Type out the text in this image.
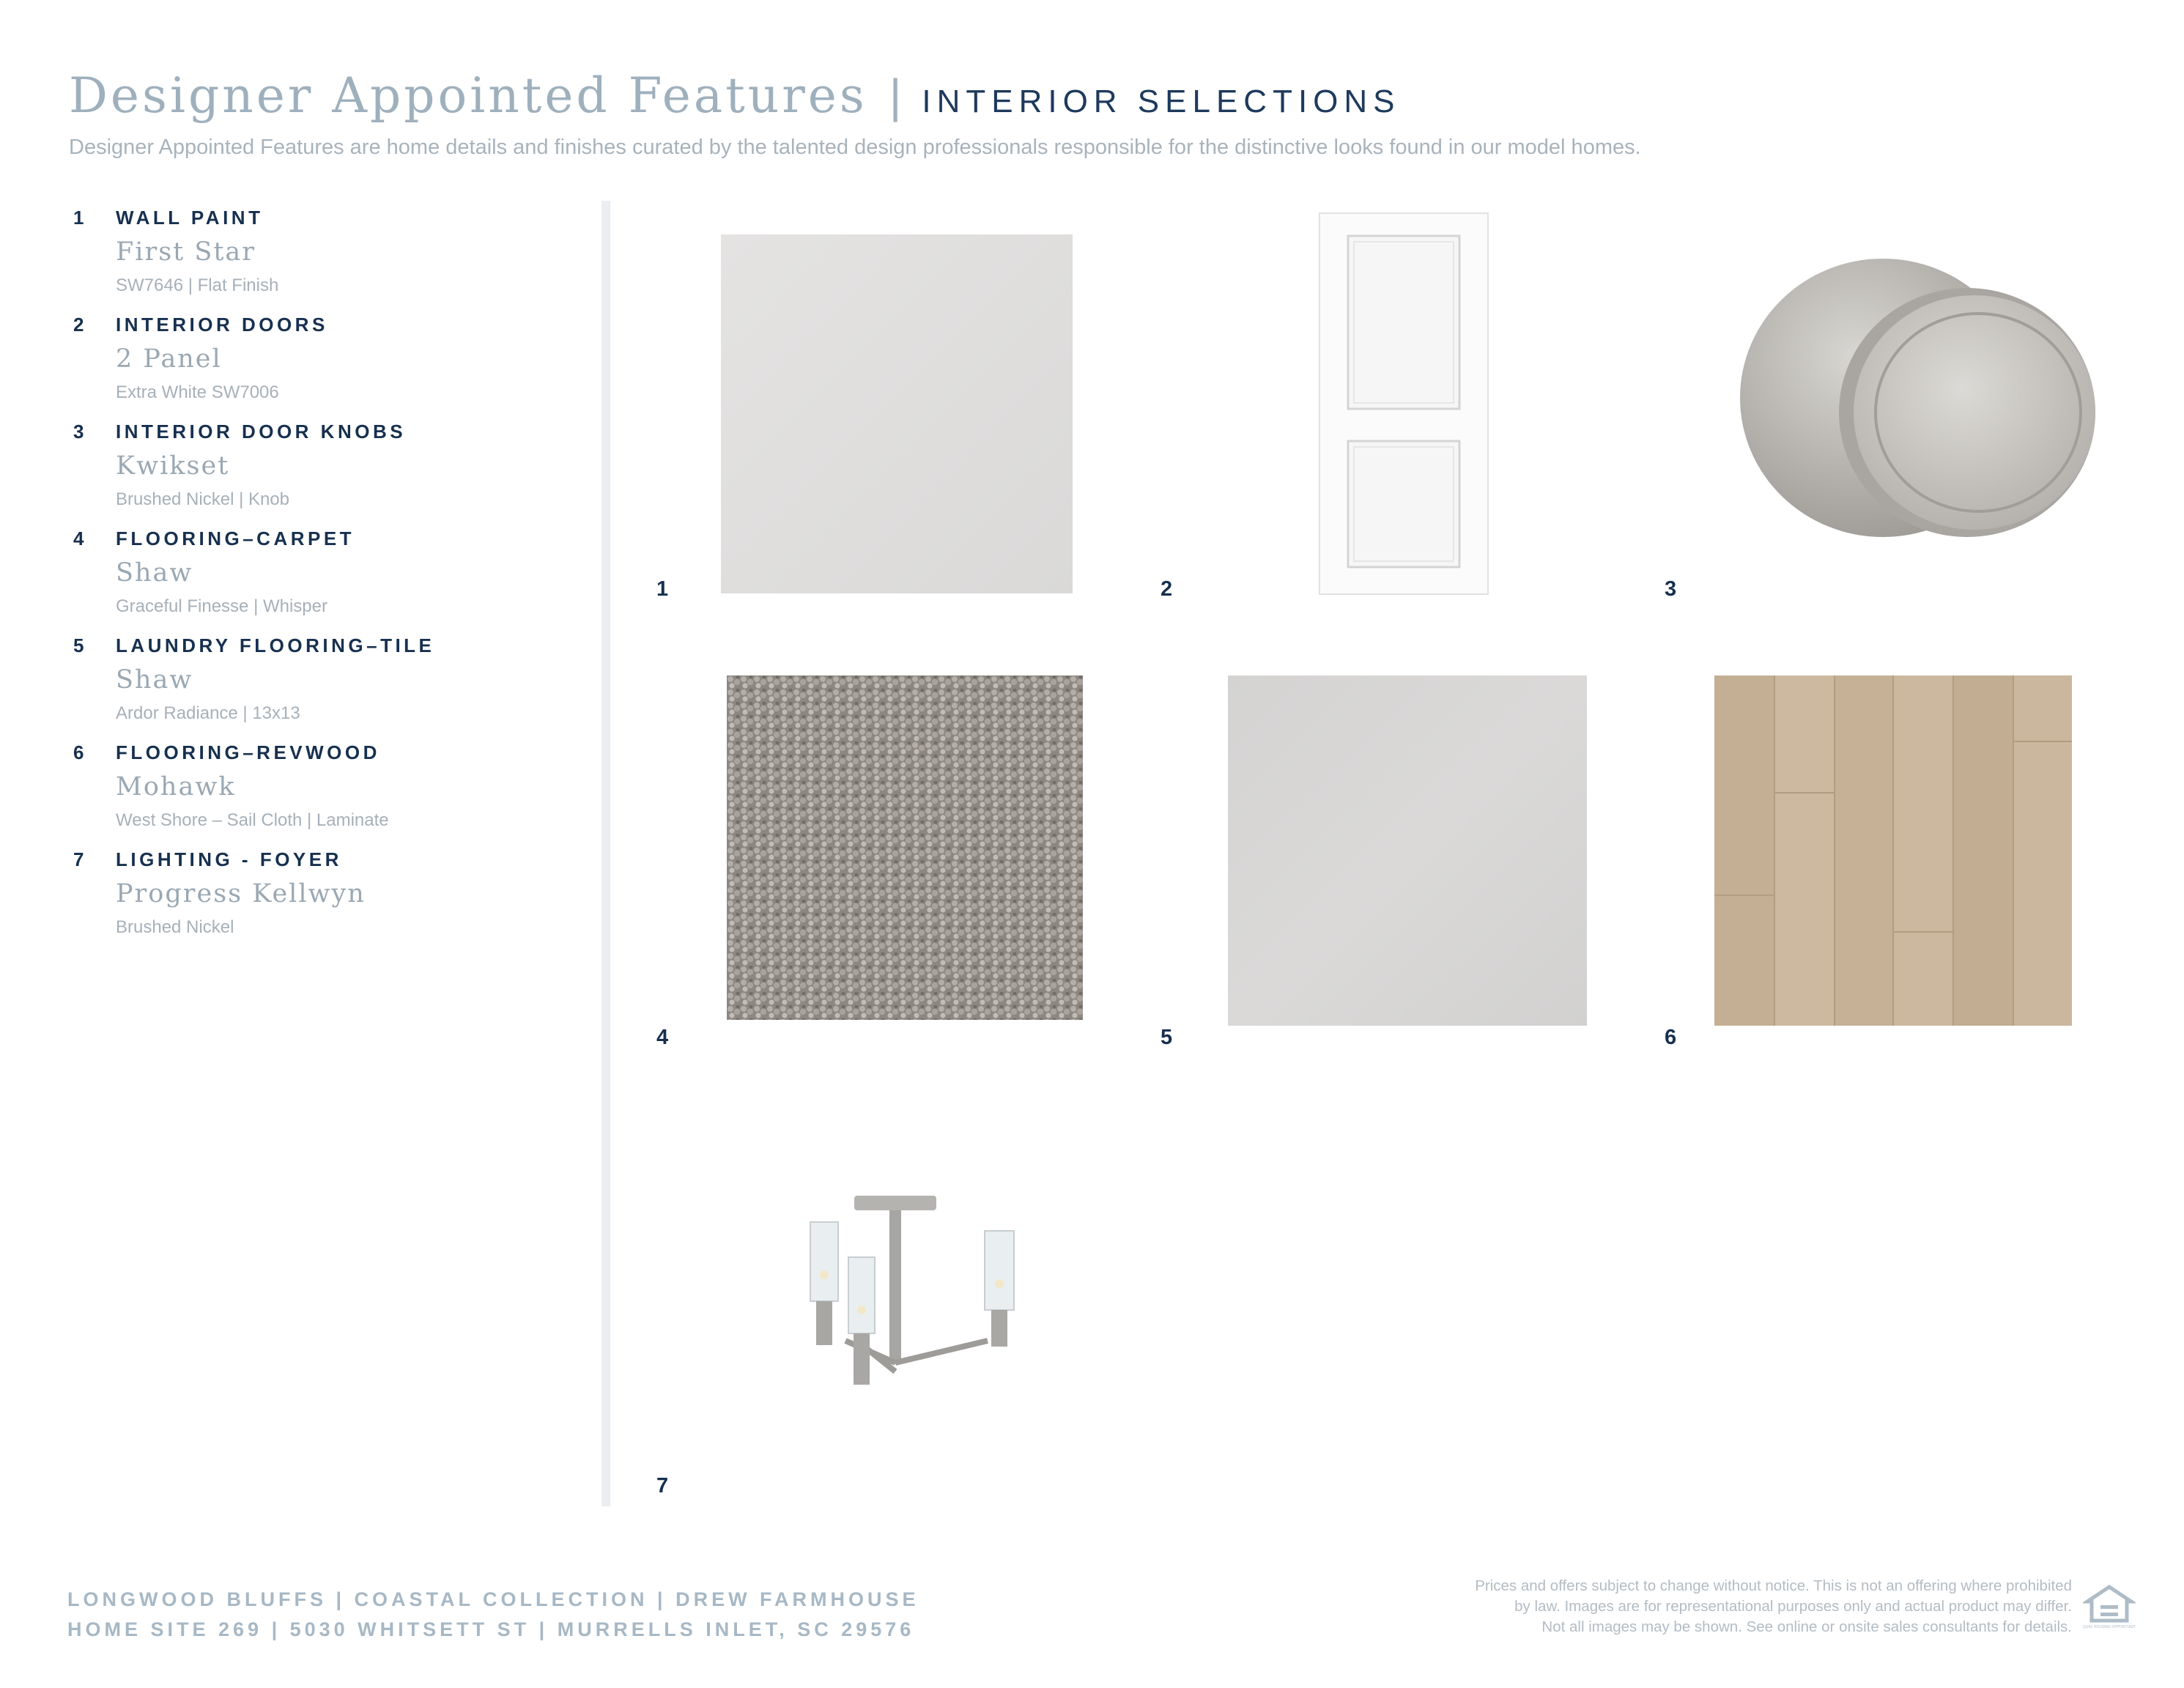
Designer Appointed Features | INTERIOR SELECTIONS
Designer Appointed Features are home details and finishes curated by the talented design professionals responsible for the distinctive looks found in our model homes.
1 WALL PAINT
First Star
SW7646 | Flat Finish
2 INTERIOR DOORS
2 Panel
Extra White SW7006
3 INTERIOR DOOR KNOBS
Kwikset
Brushed Nickel | Knob
4 FLOORING–CARPET
Shaw
Graceful Finesse | Whisper
5 LAUNDRY FLOORING–TILE
Shaw
Ardor Radiance | 13x13
6 FLOORING–REVWOOD
Mohawk
West Shore – Sail Cloth | Laminate
7 LIGHTING - FOYER
Progress Kellwyn
Brushed Nickel
1	2	3
4	5	6
7
LONGWOOD BLUFFS | COASTAL COLLECTION | DREW FARMHOUSE
HOME SITE 269 | 5030 WHITSETT ST | MURRELLS INLET, SC 29576
Prices and offers subject to change without notice. This is not an offering where prohibited
by law. Images are for representational purposes only and actual product may differ.
Not all images may be shown. See online or onsite sales consultants for details. EQUAL HOUSING OPPORTUNITY
